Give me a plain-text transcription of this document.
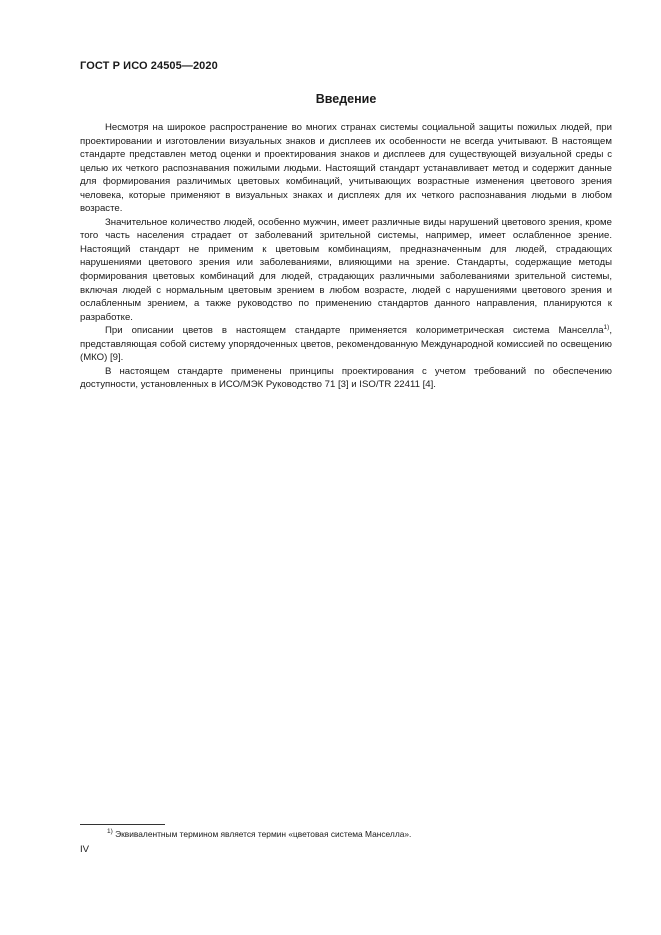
ГОСТ Р ИСО 24505—2020
Введение

Несмотря на широкое распространение во многих странах системы социальной защиты пожилых людей, при проектировании и изготовлении визуальных знаков и дисплеев их особенности не всегда учитывают. В настоящем стандарте представлен метод оценки и проектирования знаков и дисплеев для существующей визуальной среды с целью их четкого распознавания пожилыми людьми. Настоящий стандарт устанавливает метод и содержит данные для формирования различимых цветовых комбинаций, учитывающих возрастные изменения цветового зрения человека, которые применяют в визуальных знаках и дисплеях для их четкого распознавания людьми в любом возрасте.

Значительное количество людей, особенно мужчин, имеет различные виды нарушений цветового зрения, кроме того часть населения страдает от заболеваний зрительной системы, например, имеет ослабленное зрение. Настоящий стандарт не применим к цветовым комбинациям, предназначенным для людей, страдающих нарушениями цветового зрения или заболеваниями, влияющими на зрение. Стандарты, содержащие методы формирования цветовых комбинаций для людей, страдающих различными заболеваниями зрительной системы, включая людей с нормальным цветовым зрением в любом возрасте, людей с нарушениями цветового зрения и ослабленным зрением, а также руководство по применению стандартов данного направления, планируются к разработке.

При описании цветов в настоящем стандарте применяется колориметрическая система Манселла$^{1)}$, представляющая собой систему упорядоченных цветов, рекомендованную Международной комиссией по освещению (МКО) [9].

В настоящем стандарте применены принципы проектирования с учетом требований по обеспечению доступности, установленных в ИСО/МЭК Руководство 71 [3] и ISO/TR 22411 [4].

$^{1)}$ Эквивалентным термином является термин «цветовая система Манселла».
IV
